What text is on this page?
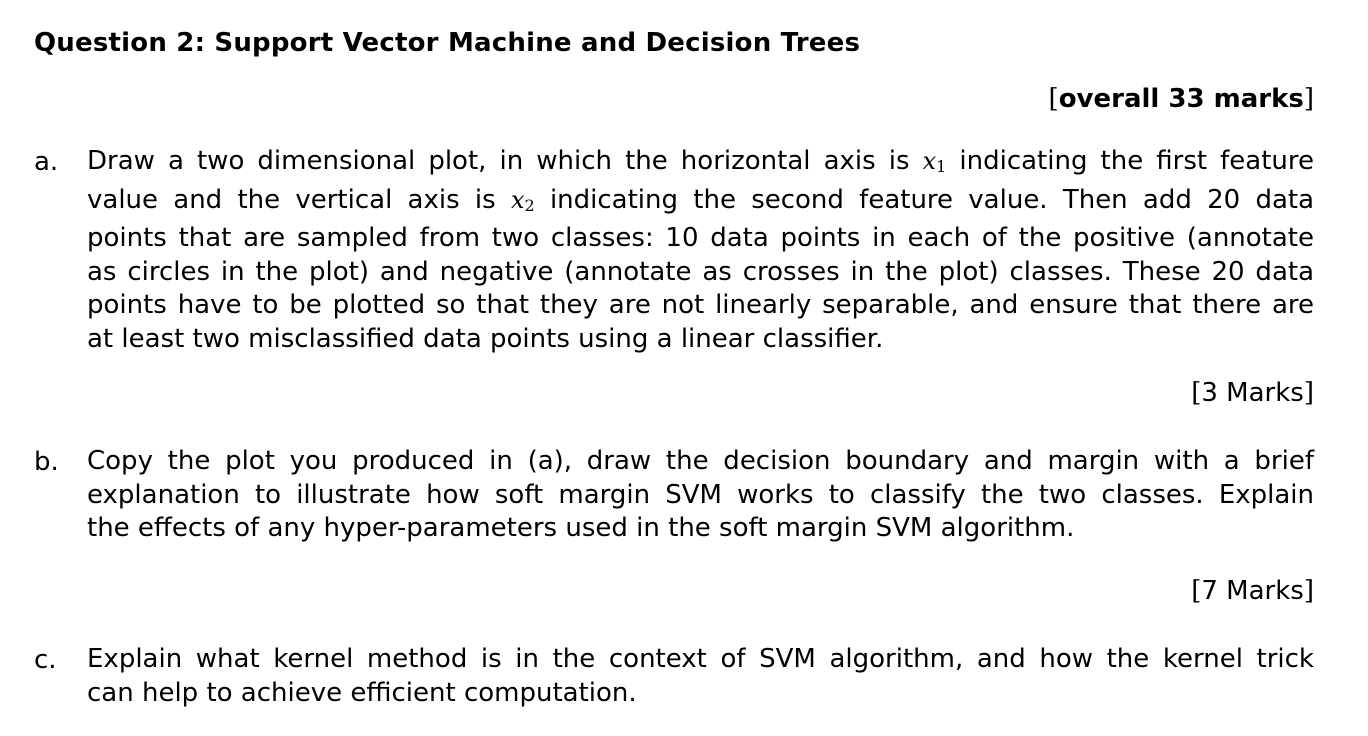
Question 2: Support Vector Machine and Decision Trees
[overall 33 marks]
a. Draw a two dimensional plot, in which the horizontal axis is $x_1$ indicating the first feature
value and the vertical axis is $x_2$ indicating the second feature value. Then add 20 data
points that are sampled from two classes: 10 data points in each of the positive (annotate
as circles in the plot) and negative (annotate as crosses in the plot) classes. These 20 data
points have to be plotted so that they are not linearly separable, and ensure that there are
at least two misclassified data points using a linear classifier.
[3 Marks]
b. Copy the plot you produced in (a), draw the decision boundary and margin with a brief
explanation to illustrate how soft margin SVM works to classify the two classes. Explain
the effects of any hyper-parameters used in the soft margin SVM algorithm.
[7 Marks]
c. Explain what kernel method is in the context of SVM algorithm, and how the kernel trick
can help to achieve efficient computation.
